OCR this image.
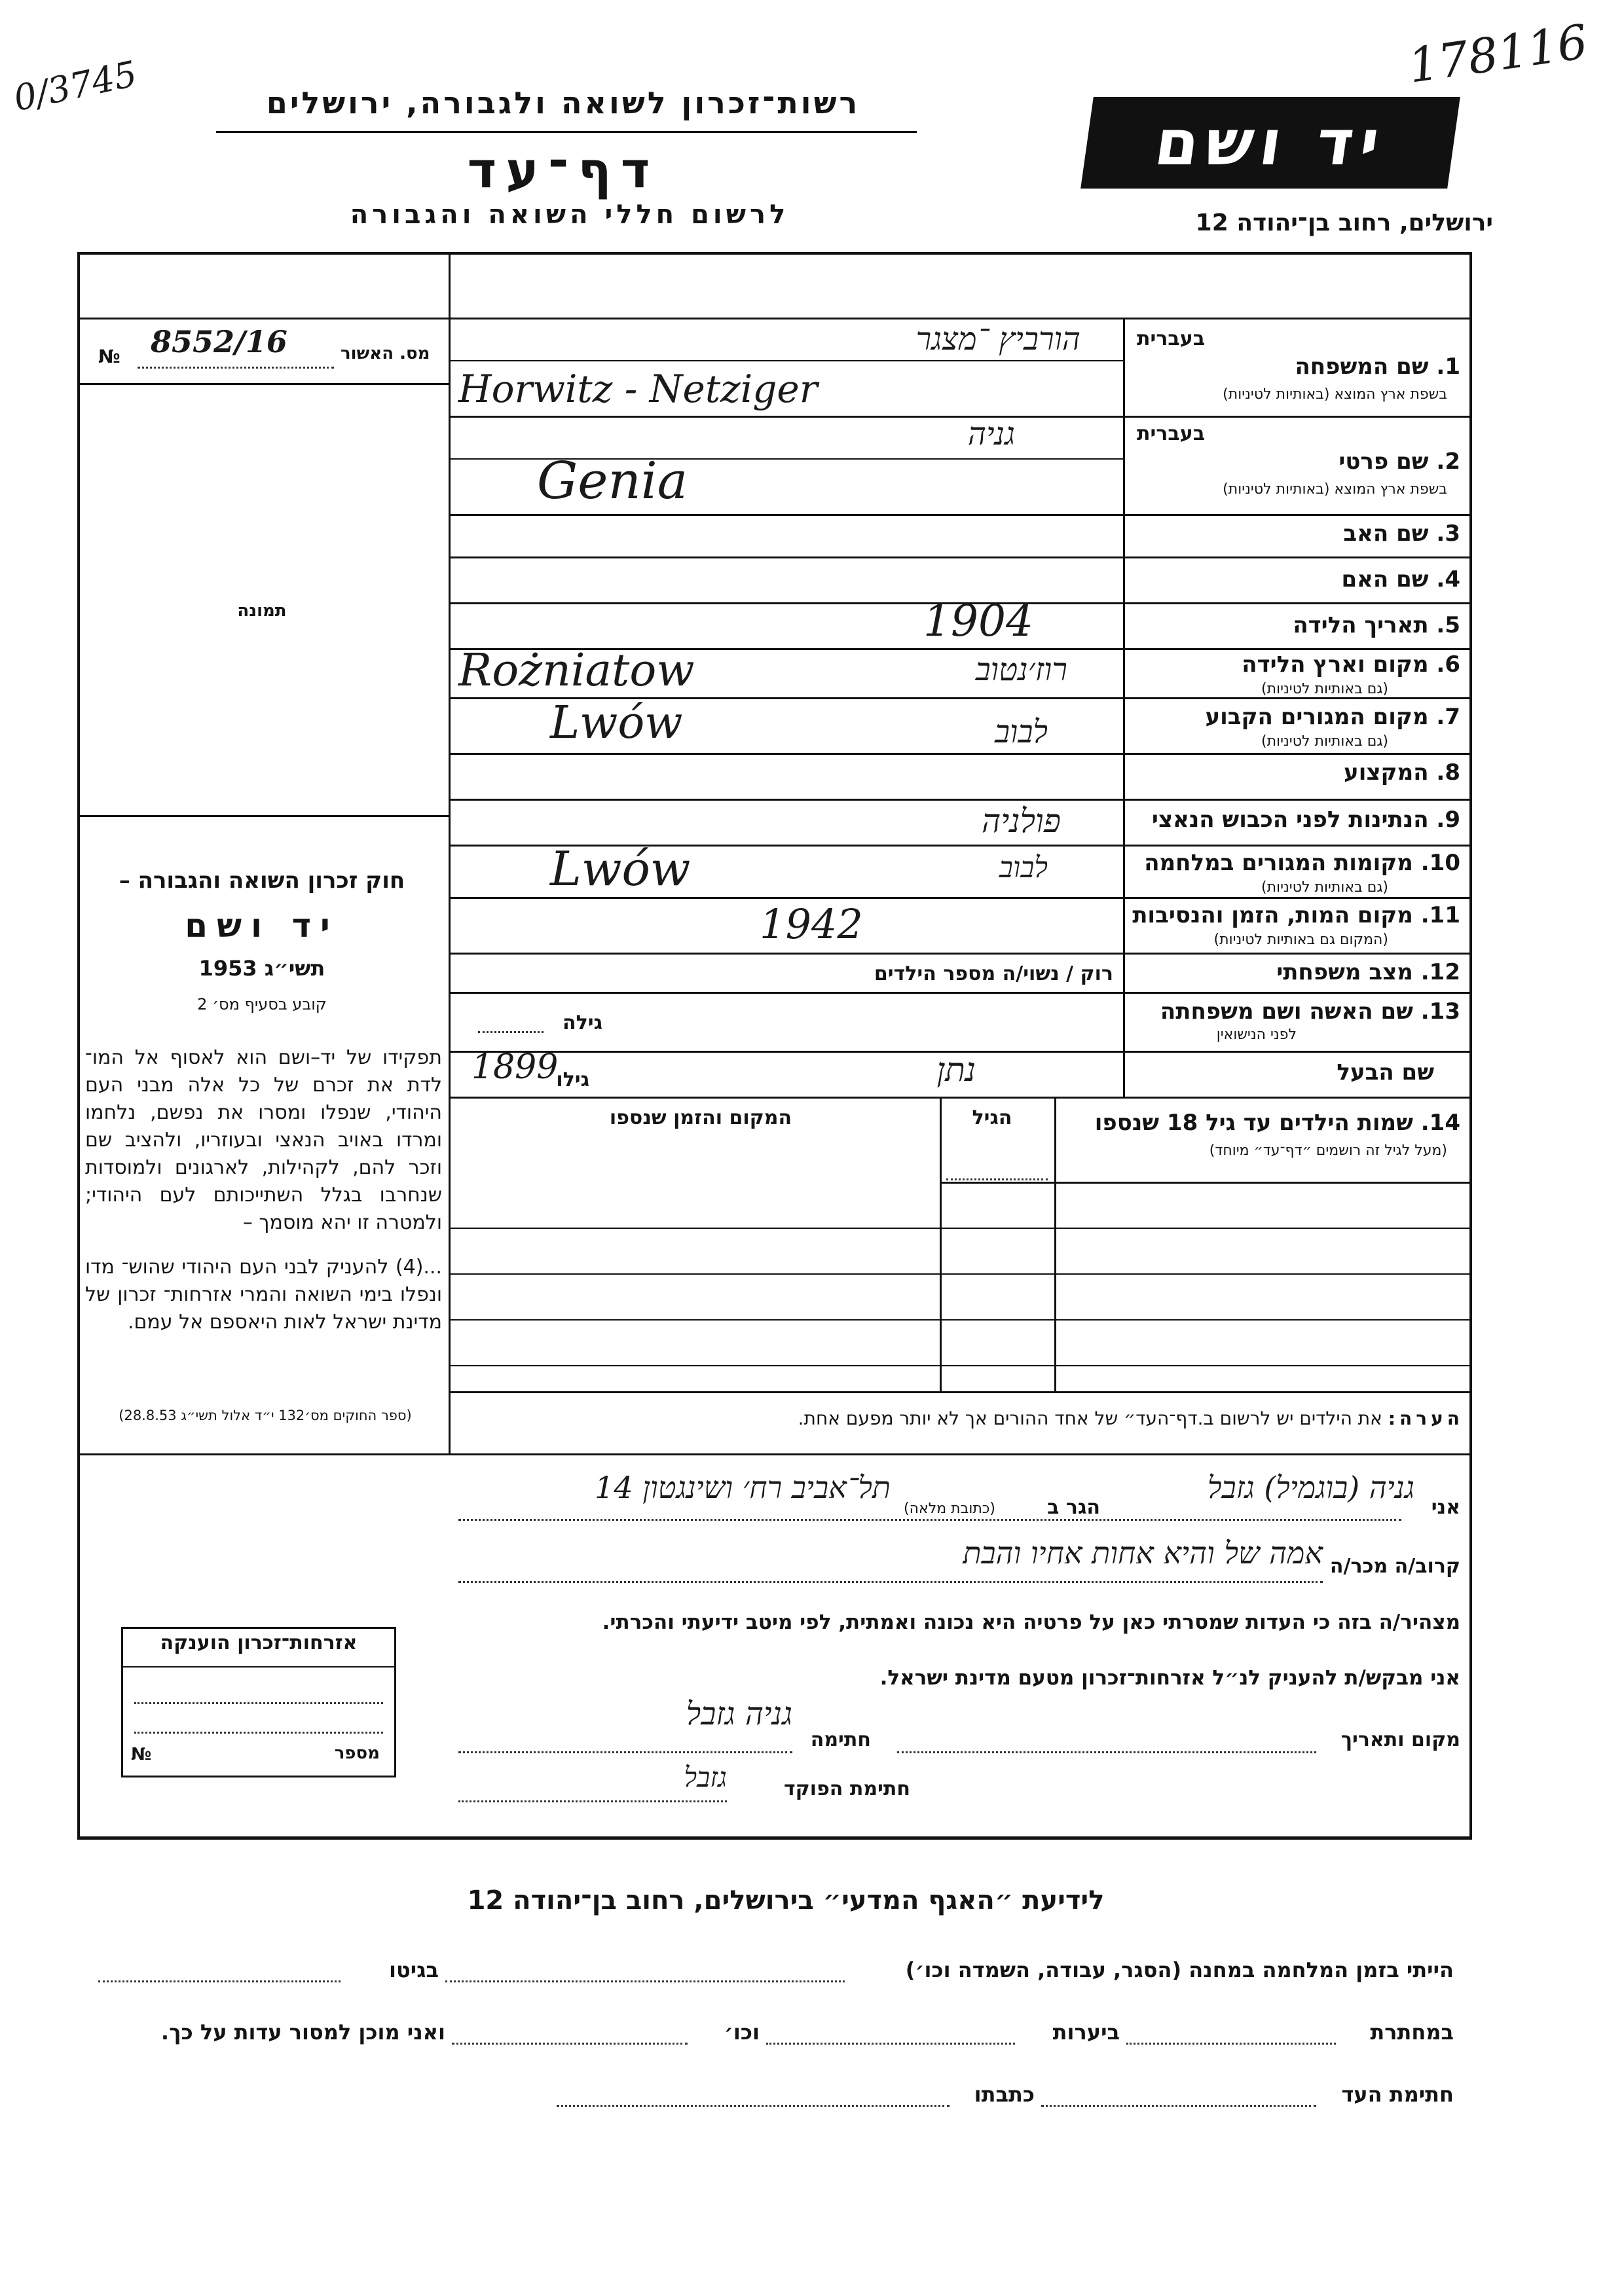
0/3745	178116
רשות־זכרון לשואה ולגבורה, ירושלים
דף־עד
לרשום חללי השואה והגבורה
יד ושם
ירושלים, רחוב בן־יהודה 12
מס. האשור
8552/16
№
תמונה
חוק זכרון השואה והגבורה –
יד ושם
תשי״ג 1953
קובע בסעיף מס׳ 2
תפקידו של יד–ושם הוא לאסוף אל המו־ לדת את זכרם של כל אלה מבני העם היהודי, שנפלו ומסרו את נפשם, נלחמו ומרדו באויב הנאצי ובעוזריו, ולהציב שם וזכר להם, לקהילות, לארגונים ולמוסדות שנחרבו בגלל השתייכותם לעם היהודי; ולמטרה זו יהא מוסמך –
...(4) להעניק לבני העם היהודי שהוש־ מדו ונפלו בימי השואה והמרי אזרחות־ זכרון של מדינת ישראל לאות היאספם אל עמם.
(ספר החוקים מס׳132 י״ד אלול תשי״ג 28.8.53)
בעברית
1. שם המשפחה
בשפת ארץ המוצא (באותיות לטיניות)
הורביץ ־מצגר
Horwitz - Netziger
בעברית
2. שם פרטי
בשפת ארץ המוצא (באותיות לטיניות)
גניה
Genia
3. שם האב
4. שם האם
5. תאריך הלידה
1904
6. מקום וארץ הלידה
(גם באותיות לטיניות)
רוז׳נטוב
Rożniatow
7. מקום המגורים הקבוע
(גם באותיות לטיניות)
לבוב
Lwów
8. המקצוע
9. הנתינות לפני הכבוש הנאצי
פולניה
10. מקומות המגורים במלחמה
(גם באותיות לטיניות)
לבוב
Lwów
11. מקום המות, הזמן והנסיבות
(המקום גם באותיות לטיניות)
1942
12. מצב משפחתי
רוק / נשוי/ה מספר הילדים
13. שם האשה ושם משפחתה
לפני הנישואין
גילה
שם הבעל
נתן
גילו
1899
14. שמות הילדים עד גיל 18 שנספו
(מעל לגיל זה רושמים ״דף־עד״ מיוחד)
הגיל
המקום והזמן שנספו
הערה: את הילדים יש לרשום ב.דף־העד״ של אחד ההורים אך לא יותר מפעם אחת.
אני
גניה (בוגמיל) גזבל
הגר ב
(כתובת מלאה)
תל־אביב רח׳ ושינגטון 14
קרוב/ה מכר/ה
אמה של והיא אחות אחיו והבת
מצהיר/ה בזה כי העדות שמסרתי כאן על פרטיה היא נכונה ואמתית, לפי מיטב ידיעתי והכרתי.
אני מבקש/ת להעניק לנ״ל אזרחות־זכרון מטעם מדינת ישראל.
מקום ותאריך
חתימה
גניה גזבל
חתימת הפוקד
גזבל
אזרחות־זכרון הוענקה
מספר
№
לידיעת ״האגף המדעי״ בירושלים, רחוב בן־יהודה 12
הייתי בזמן המלחמה במחנה (הסגר, עבודה, השמדה וכו׳)
בגיטו
במחתרת
ביערות
וכו׳
ואני מוכן למסור עדות על כך.
חתימת העד
כתבתו
